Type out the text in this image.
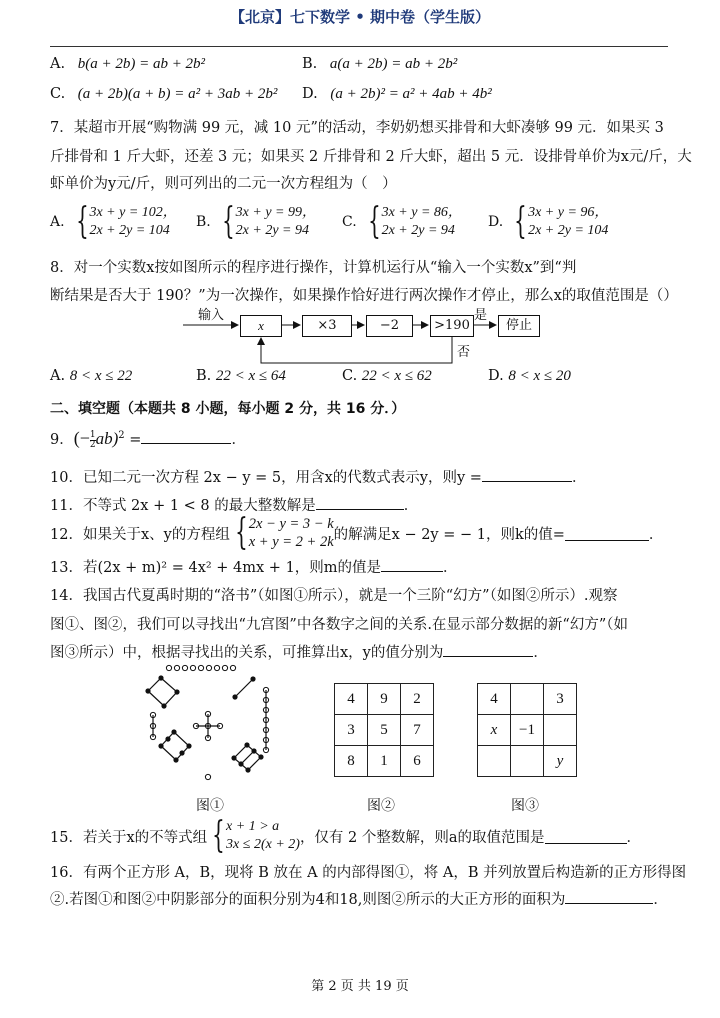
【北京】七下数学 • 期中卷（学生版）
A. b(a + 2b) = ab + 2b²	B. a(a + 2b) = ab + 2b²
C. (a + 2b)(a + b) = a² + 3ab + 2b² D. (a + 2b)² = a² + 4ab + 4b²
7．某超市开展“购物满 99 元，减 10 元”的活动，李奶奶想买排骨和大虾凑够 99 元．如果买 3
斤排骨和 1 斤大虾，还差 3 元；如果买 2 斤排骨和 2 斤大虾，超出 5 元．设排骨单价为x元/斤，大
虾单价为y元/斤，则可列出的二元一次方程组为（　）
A. { 3x + y = 102，
2x + 2y = 104
B. { 3x + y = 99，
2x + 2y = 94
C. { 3x + y = 86，
2x + 2y = 94
D. { 3x + y = 96，
2x + 2y = 104
8．对一个实数x按如图所示的程序进行操作，计算机运行从“输入一个实数x”到“判
断结果是否大于 190？”为一次操作，如果操作恰好进行两次操作才停止，那么x的取值范围是（）
输入
x	×3	−2	>190
是
停止
否
A. 8 < x ≤ 22	B. 22 < x ≤ 64	C. 22 < x ≤ 62	D. 8 < x ≤ 20
二、填空题（本题共 8 小题，每小题 2 分，共 16 分．）
9．(− $\frac{1}{2} ab)^2$ =	．
10．已知二元一次方程 2x − y = 5，用含x的代数式表示y，则y =	．
11．不等式 2x + 1 < 8 的最大整数解是	．
12．如果关于x、y的方程组 { 2x − y = 3 − k
x + y = 2 + 2k 的解满足x − 2y = − 1，则k的值=	．
13．若(2x + m)² = 4x² + 4mx + 1，则m的值是	．
14．我国古代夏禹时期的“洛书”（如图①所示），就是一个三阶“幻方”（如图②所示）.观察
图①、图②，我们可以寻找出“九宫图”中各数字之间的关系.在显示部分数据的新“幻方”（如
图③所示）中，根据寻找出的关系，可推算出x，y的值分别为	．
4	9	2
3	5	7
8	1	6
4		3
x	−1	
		y
图①	图②	图③
15．若关于x的不等式组 { x + 1 > a
3x ≤ 2(x + 2) ，仅有 2 个整数解，则a的取值范围是	．
16．有两个正方形 A，B，现将 B 放在 A 的内部得图①，将 A，B 并列放置后构造新的正方形得图
②.若图①和图②中阴影部分的面积分别为4和18,则图②所示的大正方形的面积为	．
第 2 页 共 19 页
